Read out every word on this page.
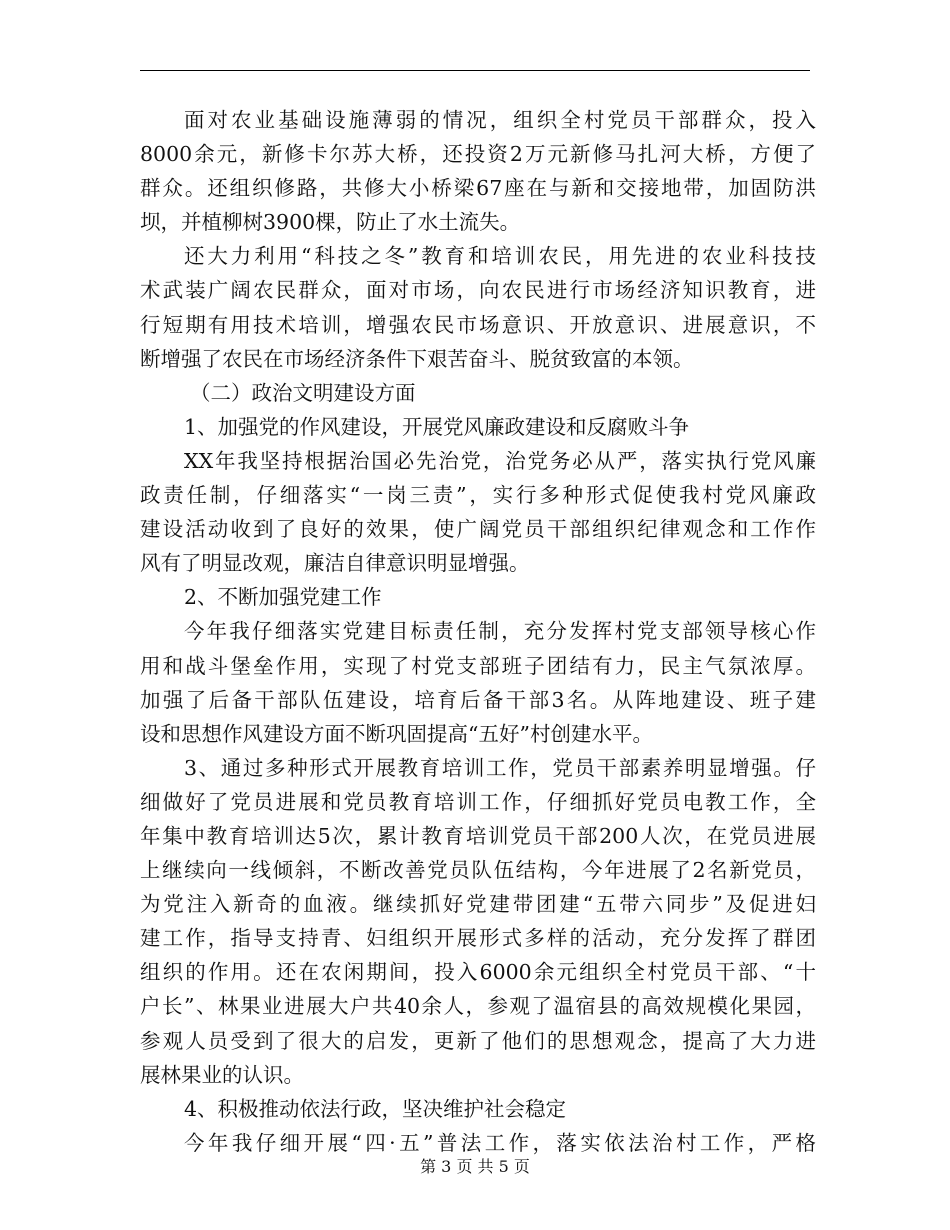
面对农业基础设施薄弱的情况，组织全村党员干部群众，投入
8000余元，新修卡尔苏大桥，还投资2万元新修马扎河大桥，方便了
群众。还组织修路，共修大小桥梁67座在与新和交接地带，加固防洪
坝，并植柳树3900棵，防止了水土流失。
还大力利用“科技之冬”教育和培训农民，用先进的农业科技技
术武装广阔农民群众，面对市场，向农民进行市场经济知识教育，进
行短期有用技术培训，增强农民市场意识、开放意识、进展意识，不
断增强了农民在市场经济条件下艰苦奋斗、脱贫致富的本领。
（二）政治文明建设方面
1、加强党的作风建设，开展党风廉政建设和反腐败斗争
XX年我坚持根据治国必先治党，治党务必从严，落实执行党风廉
政责任制，仔细落实“一岗三责”，实行多种形式促使我村党风廉政
建设活动收到了良好的效果，使广阔党员干部组织纪律观念和工作作
风有了明显改观，廉洁自律意识明显增强。
2、不断加强党建工作
今年我仔细落实党建目标责任制，充分发挥村党支部领导核心作
用和战斗堡垒作用，实现了村党支部班子团结有力，民主气氛浓厚。
加强了后备干部队伍建设，培育后备干部3名。从阵地建设、班子建
设和思想作风建设方面不断巩固提高“五好”村创建水平。
3、通过多种形式开展教育培训工作，党员干部素养明显增强。仔
细做好了党员进展和党员教育培训工作，仔细抓好党员电教工作，全
年集中教育培训达5次，累计教育培训党员干部200人次，在党员进展
上继续向一线倾斜，不断改善党员队伍结构，今年进展了2名新党员，
为党注入新奇的血液。继续抓好党建带团建“五带六同步”及促进妇
建工作，指导支持青、妇组织开展形式多样的活动，充分发挥了群团
组织的作用。还在农闲期间，投入6000余元组织全村党员干部、“十
户长”、林果业进展大户共40余人，参观了温宿县的高效规模化果园，
参观人员受到了很大的启发，更新了他们的思想观念，提高了大力进
展林果业的认识。
4、积极推动依法行政，坚决维护社会稳定
今年我仔细开展“四·五”普法工作，落实依法治村工作，严格
第 3 页 共 5 页
